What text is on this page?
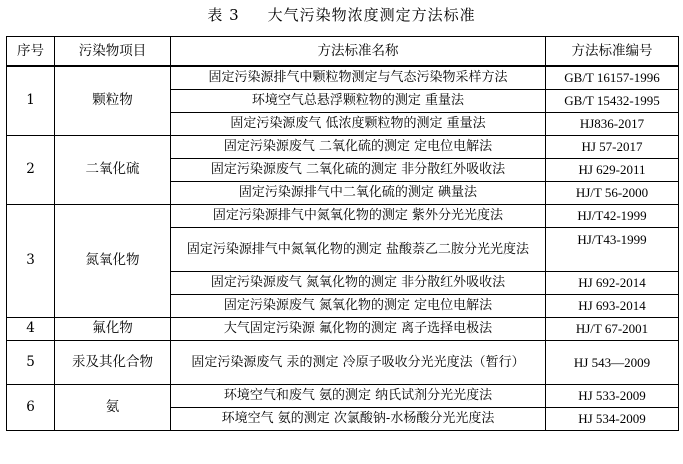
表 3 大气污染物浓度测定方法标准
序号	污染物项目	方法标准名称	方法标准编号
1	颗粒物	固定污染源排气中颗粒物测定与气态污染物采样方法	GB/T 16157-1996
		环境空气总悬浮颗粒物的测定 重量法	GB/T 15432-1995
		固定污染源废气 低浓度颗粒物的测定 重量法	HJ836-2017
2	二氧化硫	固定污染源废气 二氧化硫的测定 定电位电解法	HJ 57-2017
		固定污染源废气 二氧化硫的测定 非分散红外吸收法	HJ 629-2011
		固定污染源排气中二氧化硫的测定 碘量法	HJ/T 56-2000
3	氮氧化物	固定污染源排气中氮氧化物的测定 紫外分光光度法	HJ/T42-1999
		固定污染源排气中氮氧化物的测定 盐酸萘乙二胺分光光度法	HJ/T43-1999
		固定污染源废气 氮氧化物的测定 非分散红外吸收法	HJ 692-2014
		固定污染源废气 氮氧化物的测定 定电位电解法	HJ 693-2014
4	氟化物	大气固定污染源 氟化物的测定 离子选择电极法	HJ/T 67-2001
5	汞及其化合物	固定污染源废气 汞的测定 冷原子吸收分光光度法（暂行）	HJ 543—2009
6	氨	环境空气和废气 氨的测定 纳氏试剂分光光度法	HJ 533-2009
		环境空气 氨的测定 次氯酸钠-水杨酸分光光度法	HJ 534-2009
